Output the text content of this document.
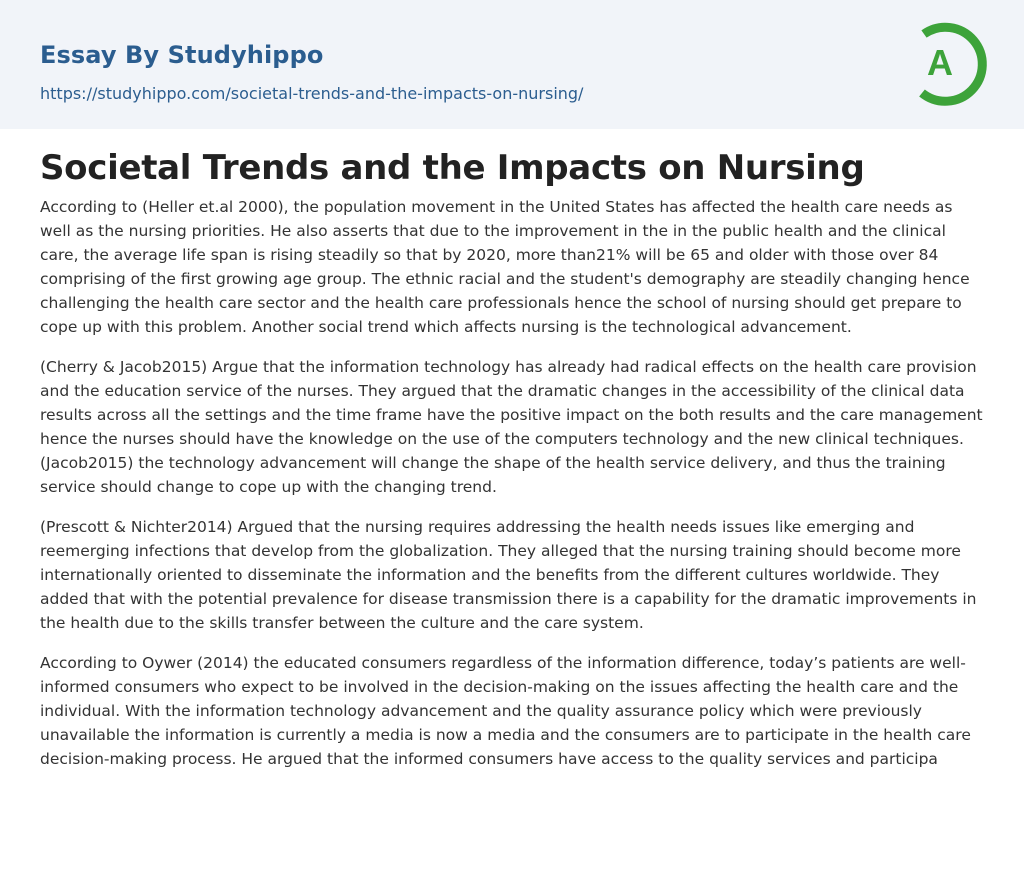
Essay By Studyhippo
https://studyhippo.com/societal-trends-and-the-impacts-on-nursing/
A
Societal Trends and the Impacts on Nursing

According to (Heller et.al 2000), the population movement in the United States has affected the health care needs as well as the nursing priorities. He also asserts that due to the improvement in the in the public health and the clinical care, the average life span is rising steadily so that by 2020, more than21% will be 65 and older with those over 84 comprising of the first growing age group. The ethnic racial and the student's demography are steadily changing hence challenging the health care sector and the health care professionals hence the school of nursing should get prepare to cope up with this problem. Another social trend which affects nursing is the technological advancement.

(Cherry & Jacob2015) Argue that the information technology has already had radical effects on the health care provision and the education service of the nurses. They argued that the dramatic changes in the accessibility of the clinical data results across all the settings and the time frame have the positive impact on the both results and the care management hence the nurses should have the knowledge on the use of the computers technology and the new clinical techniques. (Jacob2015) the technology advancement will change the shape of the health service delivery, and thus the training service should change to cope up with the changing trend.

(Prescott & Nichter2014) Argued that the nursing requires addressing the health needs issues like emerging and reemerging infections that develop from the globalization. They alleged that the nursing training should become more internationally oriented to disseminate the information and the benefits from the different cultures worldwide. They added that with the potential prevalence for disease transmission there is a capability for the dramatic improvements in the health due to the skills transfer between the culture and the care system.

According to Oywer (2014) the educated consumers regardless of the information difference, today’s patients are well-informed consumers who expect to be involved in the decision-making on the issues affecting the health care and the individual. With the information technology advancement and the quality assurance policy which were previously unavailable the information is currently a media is now a media and the consumers are to participate in the health care decision-making process. He argued that the informed consumers have access to the quality services and participa
